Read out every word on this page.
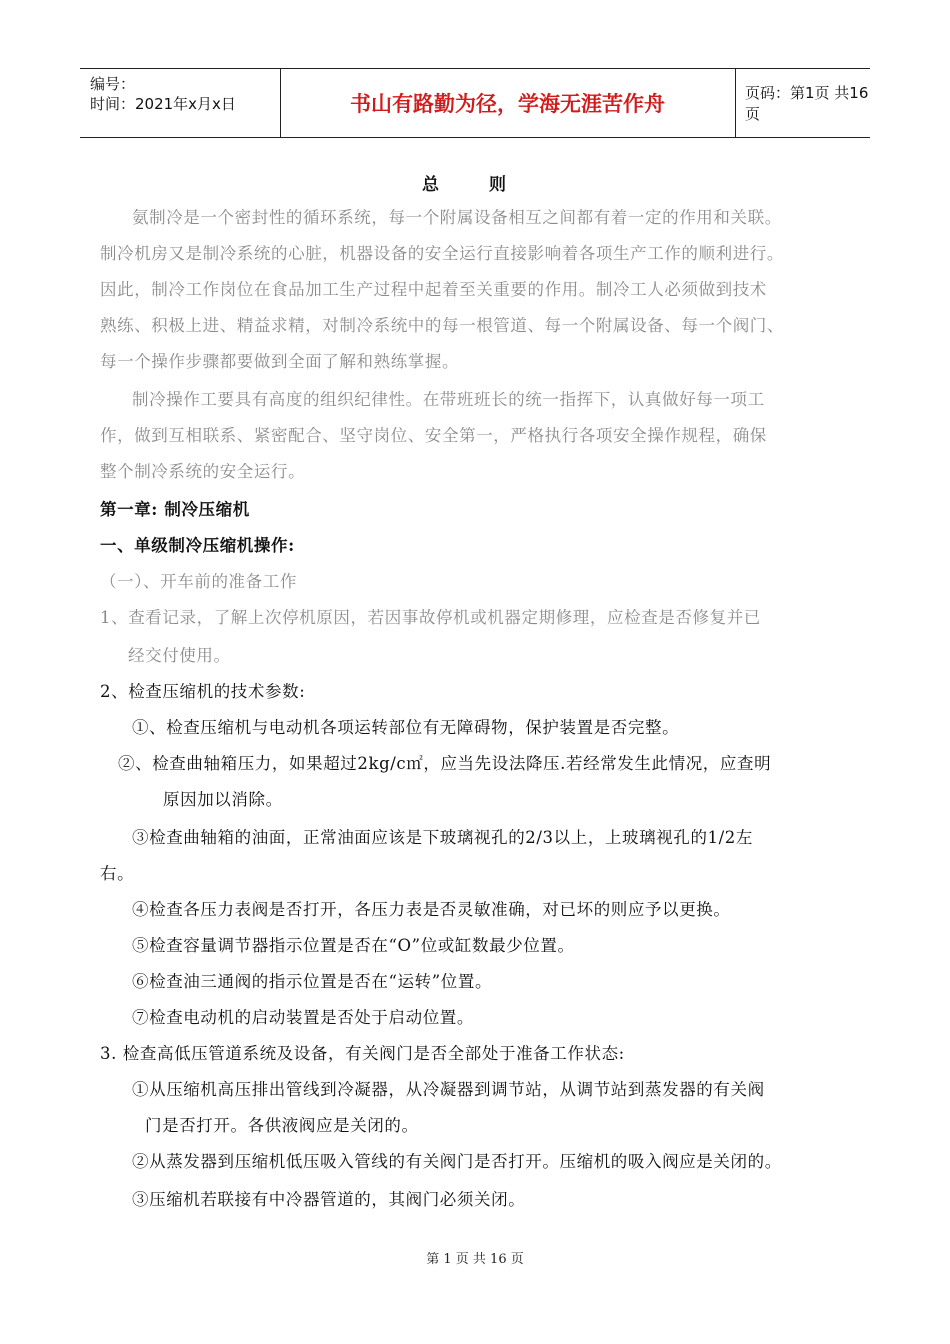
编号：
时间：2021年x月x日	书山有路勤为径，学海无涯苦作舟	页码：第1页 共16页
总 则
氨制冷是一个密封性的循环系统，每一个附属设备相互之间都有着一定的作用和关联。
制冷机房又是制冷系统的心脏，机器设备的安全运行直接影响着各项生产工作的顺利进行。
因此，制冷工作岗位在食品加工生产过程中起着至关重要的作用。制冷工人必须做到技术
熟练、积极上进、精益求精，对制冷系统中的每一根管道、每一个附属设备、每一个阀门、
每一个操作步骤都要做到全面了解和熟练掌握。
制冷操作工要具有高度的组织纪律性。在带班班长的统一指挥下，认真做好每一项工
作，做到互相联系、紧密配合、坚守岗位、安全第一，严格执行各项安全操作规程，确保
整个制冷系统的安全运行。
第一章: 制冷压缩机
一、单级制冷压缩机操作:
（一）、开车前的准备工作
1、查看记录，了解上次停机原因，若因事故停机或机器定期修理，应检查是否修复并已
经交付使用。
2、检查压缩机的技术参数:
①、检查压缩机与电动机各项运转部位有无障碍物，保护装置是否完整。
②、检查曲轴箱压力，如果超过2kg/c㎡，应当先设法降压.若经常发生此情况，应查明
原因加以消除。
③检查曲轴箱的油面，正常油面应该是下玻璃视孔的2/3以上，上玻璃视孔的1/2左
右。
④检查各压力表阀是否打开，各压力表是否灵敏准确，对已坏的则应予以更换。
⑤检查容量调节器指示位置是否在“O”位或缸数最少位置。
⑥检查油三通阀的指示位置是否在“运转”位置。
⑦检查电动机的启动装置是否处于启动位置。
3. 检查高低压管道系统及设备，有关阀门是否全部处于准备工作状态:
①从压缩机高压排出管线到冷凝器，从冷凝器到调节站，从调节站到蒸发器的有关阀
门是否打开。各供液阀应是关闭的。
②从蒸发器到压缩机低压吸入管线的有关阀门是否打开。压缩机的吸入阀应是关闭的。
③压缩机若联接有中冷器管道的，其阀门必须关闭。
第 1 页 共 16 页
